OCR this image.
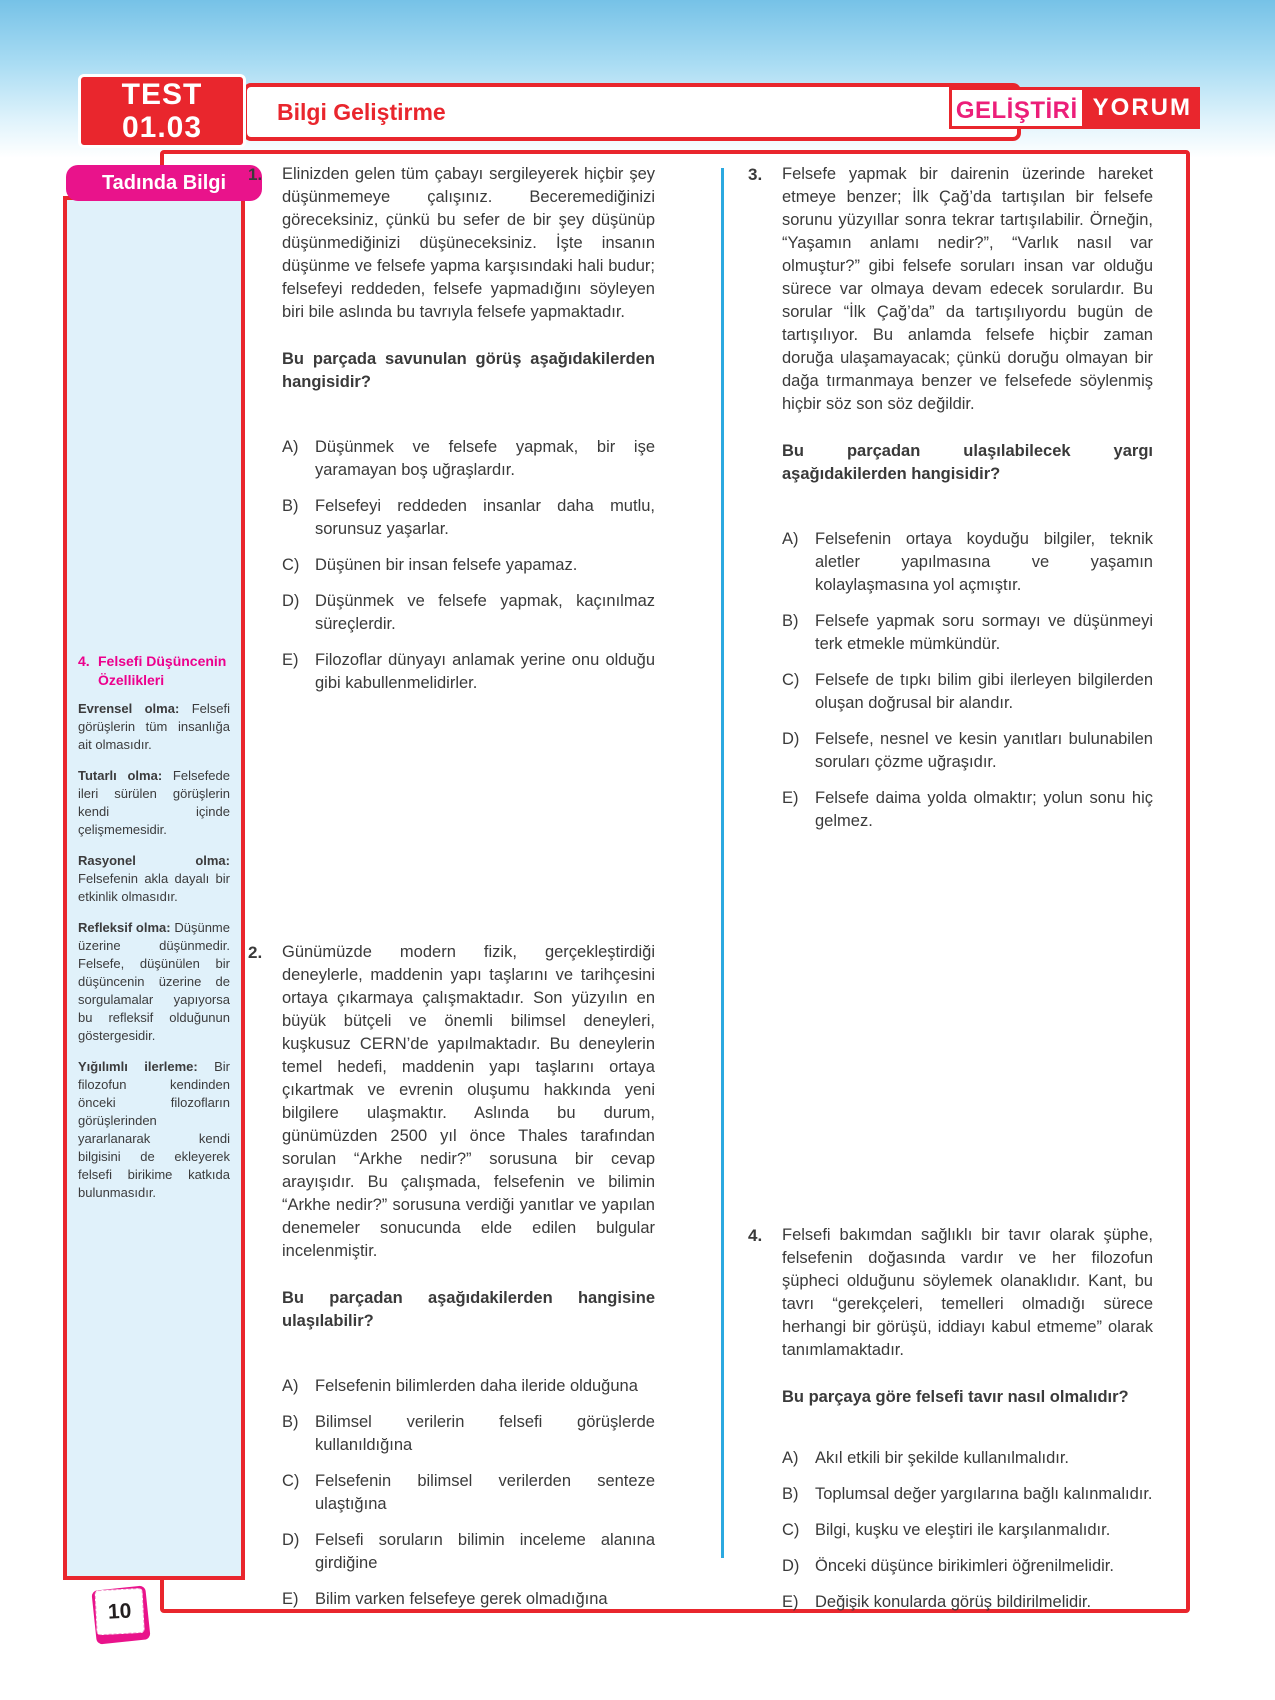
TEST
01.03	Bilgi Geliştirme	GELİŞTİRİ YORUM
Tadında Bilgi
4. Felsefi Düşüncenin Özellikleri

Evrensel olma: Felsefi görüşlerin tüm insanlığa ait olmasıdır.

Tutarlı olma: Felsefede ileri sürülen görüşlerin kendi içinde çelişmemesidir.

Rasyonel olma: Felsefenin akla dayalı bir etkinlik olmasıdır.

Refleksif olma: Düşünme üzerine düşünmedir. Felsefe, düşünülen bir düşüncenin üzerine de sorgulamalar yapıyorsa bu refleksif olduğunun göstergesidir.

Yığılımlı ilerleme: Bir filozofun kendinden önceki filozofların görüşlerinden yararlanarak kendi bilgisini de ekleyerek felsefi birikime katkıda bulunmasıdır.

1.	Elinizden gelen tüm çabayı sergileyerek hiçbir şey düşünmemeye çalışınız. Beceremediğinizi göreceksiniz, çünkü bu sefer de bir şey düşünüp düşünmediğinizi düşüneceksiniz. İşte insanın düşünme ve felsefe yapma karşısındaki hali budur; felsefeyi reddeden, felsefe yapmadığını söyleyen biri bile aslında bu tavrıyla felsefe yapmaktadır.
Bu parçada savunulan görüş aşağıdakilerden hangisidir?
A)	Düşünmek ve felsefe yapmak, bir işe yaramayan boş uğraşlardır.
B)	Felsefeyi reddeden insanlar daha mutlu, sorunsuz yaşarlar.
C) Düşünen bir insan felsefe yapamaz.
D) Düşünmek ve felsefe yapmak, kaçınılmaz süreçlerdir.
E)	Filozoflar dünyayı anlamak yerine onu olduğu gibi kabullenmelidirler.
2.	Günümüzde modern fizik, gerçekleştirdiği deneylerle, maddenin yapı taşlarını ve tarihçesini ortaya çıkarmaya çalışmaktadır. Son yüzyılın en büyük bütçeli ve önemli bilimsel deneyleri, kuşkusuz CERN’de yapılmaktadır. Bu deneylerin temel hedefi, maddenin yapı taşlarını ortaya çıkartmak ve evrenin oluşumu hakkında yeni bilgilere ulaşmaktır. Aslında bu durum, günümüzden 2500 yıl önce Thales tarafından sorulan “Arkhe nedir?” sorusuna bir cevap arayışıdır. Bu çalışmada, felsefenin ve bilimin “Arkhe nedir?” sorusuna verdiği yanıtlar ve yapılan denemeler sonucunda elde edilen bulgular incelenmiştir.
Bu parçadan aşağıdakilerden hangisine ulaşılabilir?
A)	Felsefenin bilimlerden daha ileride olduğuna
B)	Bilimsel verilerin felsefi görüşlerde kullanıldığına
C) Felsefenin bilimsel verilerden senteze ulaştığına
D) Felsefi soruların bilimin inceleme alanına girdiğine
E)	Bilim varken felsefeye gerek olmadığına
3.	Felsefe yapmak bir dairenin üzerinde hareket etmeye benzer; İlk Çağ’da tartışılan bir felsefe sorunu yüzyıllar sonra tekrar tartışılabilir. Örneğin, “Yaşamın anlamı nedir?”, “Varlık nasıl var olmuştur?” gibi felsefe soruları insan var olduğu sürece var olmaya devam edecek sorulardır. Bu sorular “İlk Çağ’da” da tartışılıyordu bugün de tartışılıyor. Bu anlamda felsefe hiçbir zaman doruğa ulaşamayacak; çünkü doruğu olmayan bir dağa tırmanmaya benzer ve felsefede söylenmiş hiçbir söz son söz değildir.
Bu parçadan ulaşılabilecek yargı aşağıdakilerden hangisidir?
A)	Felsefenin ortaya koyduğu bilgiler, teknik aletler yapılmasına ve yaşamın kolaylaşmasına yol açmıştır.
B)	Felsefe yapmak soru sormayı ve düşünmeyi terk etmekle mümkündür.
C) Felsefe de tıpkı bilim gibi ilerleyen bilgilerden oluşan doğrusal bir alandır.
D) Felsefe, nesnel ve kesin yanıtları bulunabilen soruları çözme uğraşıdır.
E)	Felsefe daima yolda olmaktır; yolun sonu hiç gelmez.
4.	Felsefi bakımdan sağlıklı bir tavır olarak şüphe, felsefenin doğasında vardır ve her filozofun şüpheci olduğunu söylemek olanaklıdır. Kant, bu tavrı “gerekçeleri, temelleri olmadığı sürece herhangi bir görüşü, iddiayı kabul etmeme” olarak tanımlamaktadır.
Bu parçaya göre felsefi tavır nasıl olmalıdır?
A)	Akıl etkili bir şekilde kullanılmalıdır.
B)	Toplumsal değer yargılarına bağlı kalınmalıdır.
C) Bilgi, kuşku ve eleştiri ile karşılanmalıdır.
D) Önceki düşünce birikimleri öğrenilmelidir.
E)	Değişik konularda görüş bildirilmelidir.
10
